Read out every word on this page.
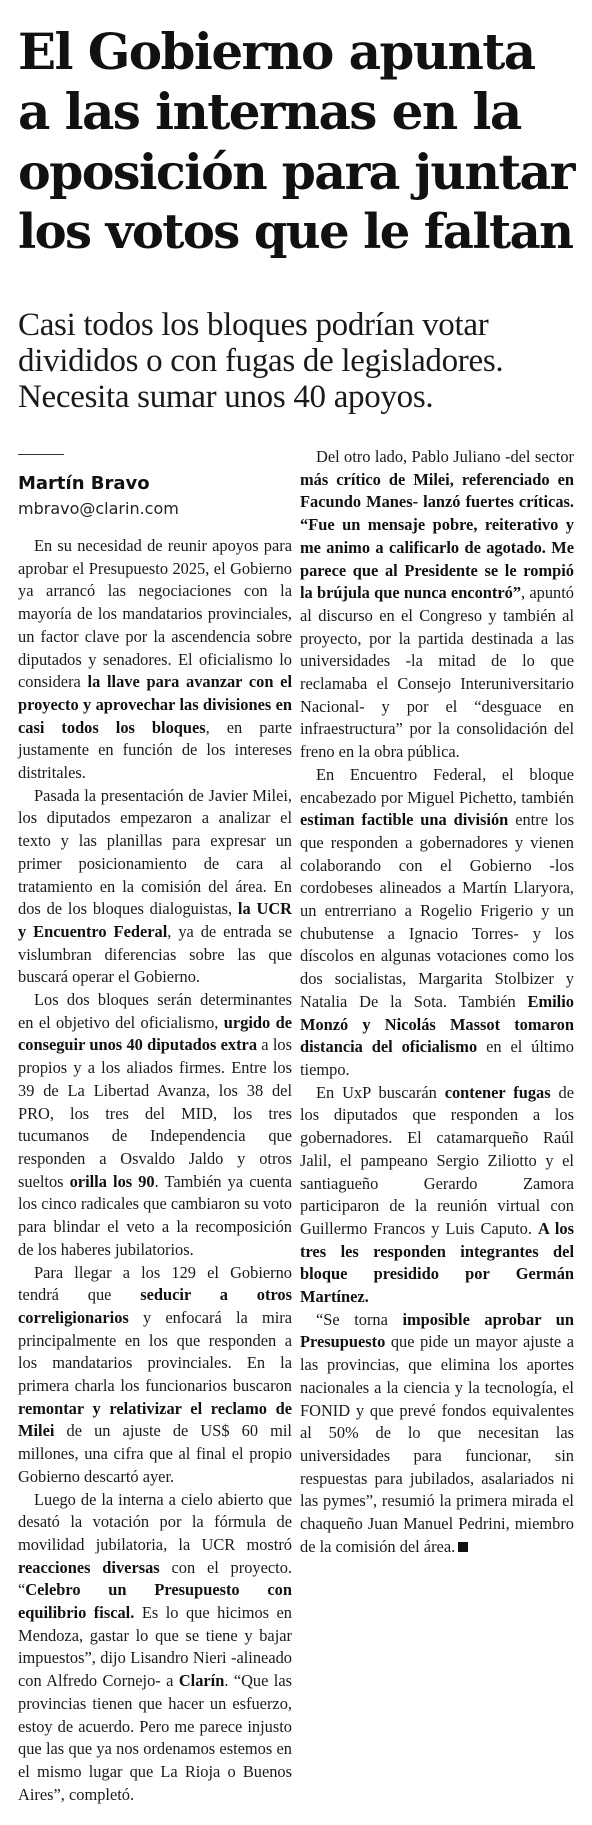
El Gobierno apunta
a las internas en la
oposición para juntar
los votos que le faltan
Casi todos los bloques podrían votar
divididos o con fugas de legisladores.
Necesita sumar unos 40 apoyos.
Martín Bravo
mbravo@clarin.com

En su necesidad de reunir apoyos para aprobar el Presupuesto 2025, el Gobierno ya arrancó las negociaciones con la mayoría de los mandatarios provinciales, un factor clave por la ascendencia sobre diputados y senadores. El oficialismo lo considera la llave para avanzar con el proyecto y aprovechar las divisiones en casi todos los bloques, en parte justamente en función de los intereses distritales.

Pasada la presentación de Javier Milei, los diputados empezaron a analizar el texto y las planillas para expresar un primer posicionamiento de cara al tratamiento en la comisión del área. En dos de los bloques dialoguistas, la UCR y Encuentro Federal, ya de entrada se vislumbran diferencias sobre las que buscará operar el Gobierno.

Los dos bloques serán determinantes en el objetivo del oficialismo, urgido de conseguir unos 40 diputados extra a los propios y a los aliados firmes. Entre los 39 de La Libertad Avanza, los 38 del PRO, los tres del MID, los tres tucumanos de Independencia que responden a Osvaldo Jaldo y otros sueltos orilla los 90. También ya cuenta los cinco radicales que cambiaron su voto para blindar el veto a la recomposición de los haberes jubilatorios.

Para llegar a los 129 el Gobierno tendrá que seducir a otros correligionarios y enfocará la mira principalmente en los que responden a los mandatarios provinciales. En la primera charla los funcionarios buscaron remontar y relativizar el reclamo de Milei de un ajuste de US$ 60 mil millones, una cifra que al final el propio Gobierno descartó ayer.

Luego de la interna a cielo abierto que desató la votación por la fórmula de movilidad jubilatoria, la UCR mostró reacciones diversas con el proyecto. “Celebro un Presupuesto con equilibrio fiscal. Es lo que hicimos en Mendoza, gastar lo que se tiene y bajar impuestos”, dijo Lisandro Nieri -alineado con Alfredo Cornejo- a Clarín. “Que las provincias tienen que hacer un esfuerzo, estoy de acuerdo. Pero me parece injusto que las que ya nos ordenamos estemos en el mismo lugar que La Rioja o Buenos Aires”, completó.

Del otro lado, Pablo Juliano -del sector más crítico de Milei, referenciado en Facundo Manes- lanzó fuertes críticas. “Fue un mensaje pobre, reiterativo y me animo a calificarlo de agotado. Me parece que al Presidente se le rompió la brújula que nunca encontró”, apuntó al discurso en el Congreso y también al proyecto, por la partida destinada a las universidades -la mitad de lo que reclamaba el Consejo Interuniversitario Nacional- y por el “desguace en infraestructura” por la consolidación del freno en la obra pública.

En Encuentro Federal, el bloque encabezado por Miguel Pichetto, también estiman factible una división entre los que responden a gobernadores y vienen colaborando con el Gobierno -los cordobeses alineados a Martín Llaryora, un entrerriano a Rogelio Frigerio y un chubutense a Ignacio Torres- y los díscolos en algunas votaciones como los dos socialistas, Margarita Stolbizer y Natalia De la Sota. También Emilio Monzó y Nicolás Massot tomaron distancia del oficialismo en el último tiempo.

En UxP buscarán contener fugas de los diputados que responden a los gobernadores. El catamarqueño Raúl Jalil, el pampeano Sergio Ziliotto y el santiagueño Gerardo Zamora participaron de la reunión virtual con Guillermo Francos y Luis Caputo. A los tres les responden integrantes del bloque presidido por Germán Martínez.

“Se torna imposible aprobar un Presupuesto que pide un mayor ajuste a las provincias, que elimina los aportes nacionales a la ciencia y la tecnología, el FONID y que prevé fondos equivalentes al 50% de lo que necesitan las universidades para funcionar, sin respuestas para jubilados, asalariados ni las pymes”, resumió la primera mirada el chaqueño Juan Manuel Pedrini, miembro de la comisión del área.
